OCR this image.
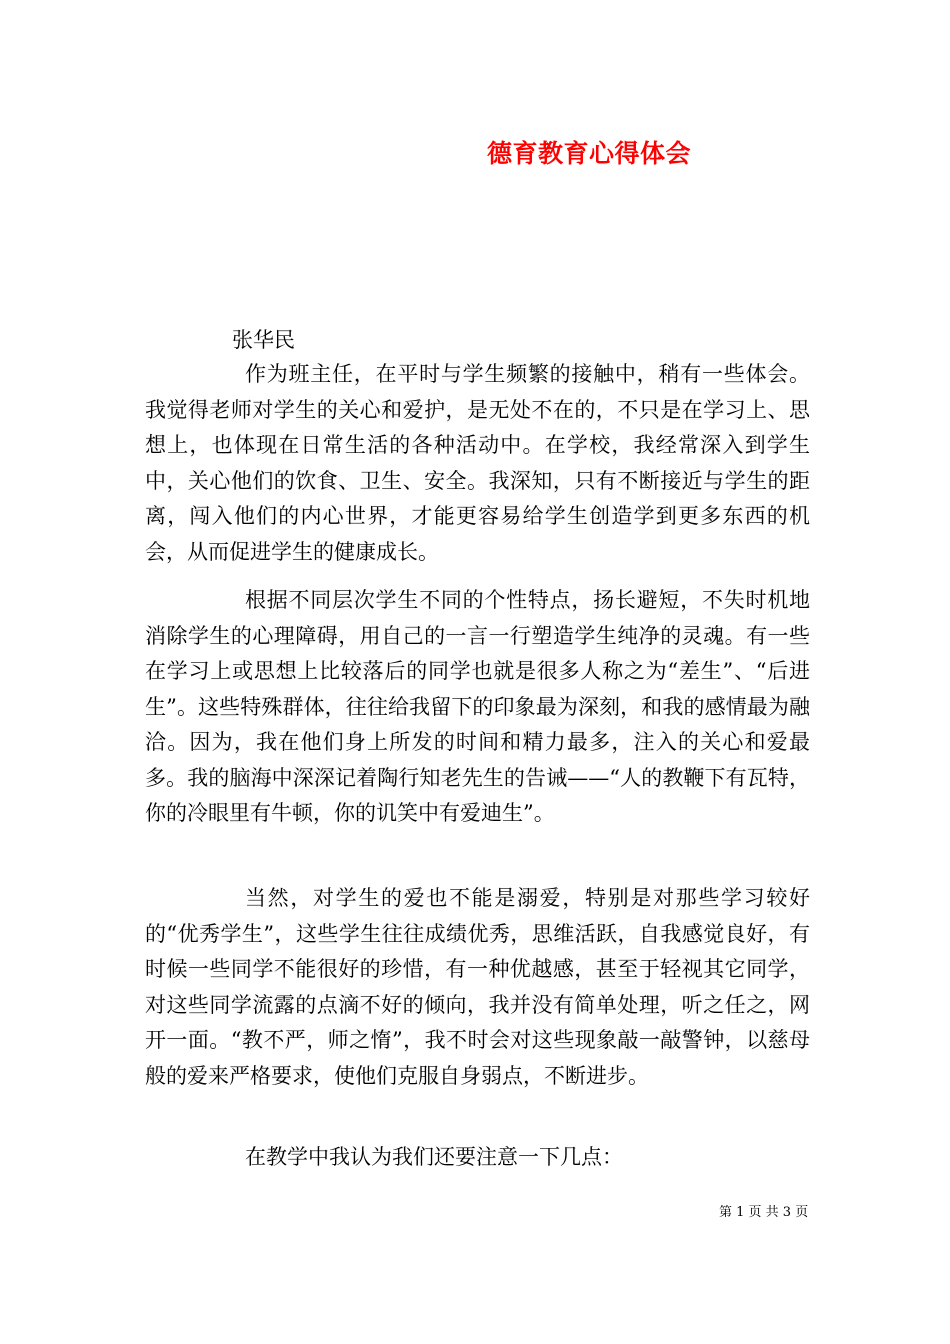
德育教育心得体会
张华民

作为班主任，在平时与学生频繁的接触中，稍有一些体会。我觉得老师对学生的关心和爱护，是无处不在的，不只是在学习上、思想上，也体现在日常生活的各种活动中。在学校，我经常深入到学生中，关心他们的饮食、卫生、安全。我深知，只有不断接近与学生的距离，闯入他们的内心世界，才能更容易给学生创造学到更多东西的机会，从而促进学生的健康成长。

根据不同层次学生不同的个性特点，扬长避短，不失时机地消除学生的心理障碍，用自己的一言一行塑造学生纯净的灵魂。有一些在学习上或思想上比较落后的同学也就是很多人称之为“差生”、“后进生”。这些特殊群体，往往给我留下的印象最为深刻，和我的感情最为融洽。因为，我在他们身上所发的时间和精力最多，注入的关心和爱最多。我的脑海中深深记着陶行知老先生的告诫——“人的教鞭下有瓦特，你的冷眼里有牛顿，你的讥笑中有爱迪生”。

当然，对学生的爱也不能是溺爱，特别是对那些学习较好的“优秀学生”，这些学生往往成绩优秀，思维活跃，自我感觉良好，有时候一些同学不能很好的珍惜，有一种优越感，甚至于轻视其它同学，对这些同学流露的点滴不好的倾向，我并没有简单处理，听之任之，网开一面。“教不严，师之惰”，我不时会对这些现象敲一敲警钟，以慈母般的爱来严格要求，使他们克服自身弱点，不断进步。

在教学中我认为我们还要注意一下几点：

第 1 页 共 3 页
